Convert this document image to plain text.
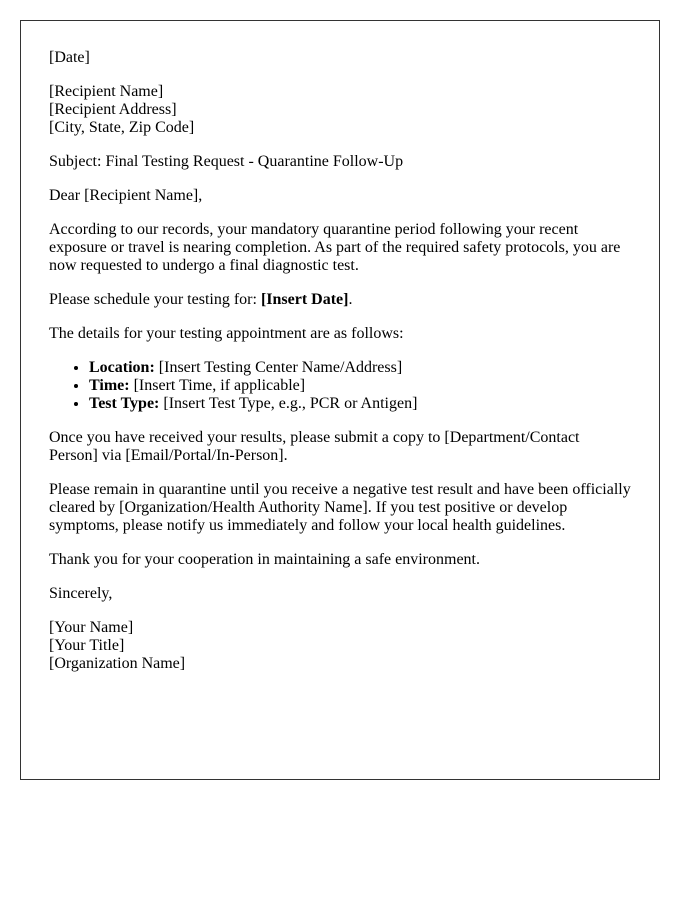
[Date]

[Recipient Name]
[Recipient Address]
[City, State, Zip Code]

Subject: Final Testing Request - Quarantine Follow-Up

Dear [Recipient Name],

According to our records, your mandatory quarantine period following your recent exposure or travel is nearing completion. As part of the required safety protocols, you are now requested to undergo a final diagnostic test.

Please schedule your testing for: [Insert Date].

The details for your testing appointment are as follows:

• Location: [Insert Testing Center Name/Address]
• Time: [Insert Time, if applicable]
• Test Type: [Insert Test Type, e.g., PCR or Antigen]

Once you have received your results, please submit a copy to [Department/Contact Person] via [Email/Portal/In-Person].

Please remain in quarantine until you receive a negative test result and have been officially cleared by [Organization/Health Authority Name]. If you test positive or develop symptoms, please notify us immediately and follow your local health guidelines.

Thank you for your cooperation in maintaining a safe environment.

Sincerely,

[Your Name]
[Your Title]
[Organization Name]
